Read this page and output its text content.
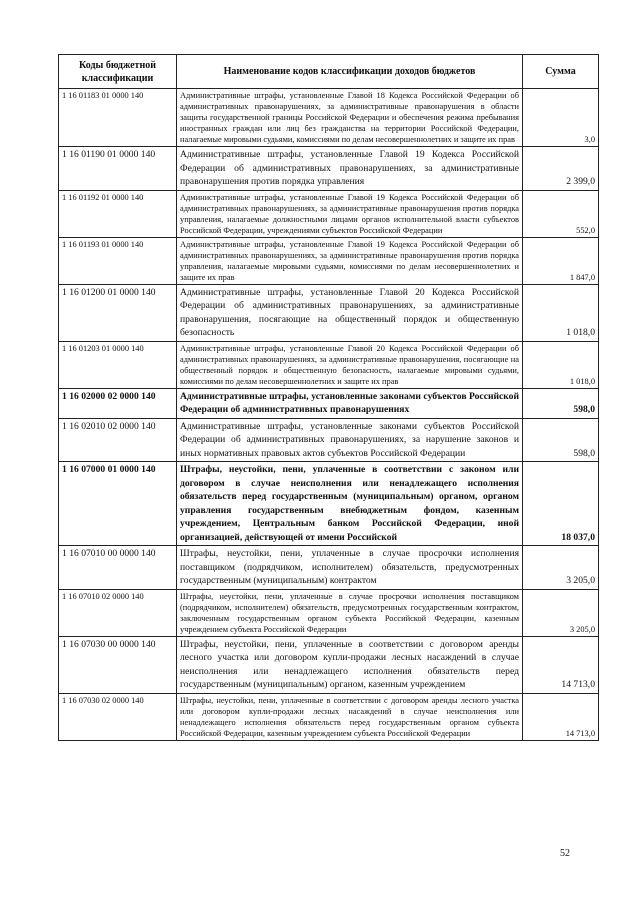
Коды бюджетной классификации	Наименование кодов классификации доходов бюджетов	Сумма
1 16 01183 01 0000 140	Административные штрафы, установленные Главой 18 Кодекса Российской Федерации об административных правонарушениях, за административные правонарушения в области защиты государственной границы Российской Федерации и обеспечения режима пребывания иностранных граждан или лиц без гражданства на территории Российской Федерации, налагаемые мировыми судьями, комиссиями по делам несовершеннолетних и защите их прав	3,0
1 16 01190 01 0000 140	Административные штрафы, установленные Главой 19 Кодекса Российской Федерации об административных правонарушениях, за административные правонарушения против порядка управления	2 399,0
1 16 01192 01 0000 140	Административные штрафы, установленные Главой 19 Кодекса Российской Федерации об административных правонарушениях, за административные правонарушения против порядка управления, налагаемые должностными лицами органов исполнительной власти субъектов Российской Федерации, учреждениями субъектов Российской Федерации	552,0
1 16 01193 01 0000 140	Административные штрафы, установленные Главой 19 Кодекса Российской Федерации об административных правонарушениях, за административные правонарушения против порядка управления, налагаемые мировыми судьями, комиссиями по делам несовершеннолетних и защите их прав	1 847,0
1 16 01200 01 0000 140	Административные штрафы, установленные Главой 20 Кодекса Российской Федерации об административных правонарушениях, за административные правонарушения, посягающие на общественный порядок и общественную безопасность	1 018,0
1 16 01203 01 0000 140	Административные штрафы, установленные Главой 20 Кодекса Российской Федерации об административных правонарушениях, за административные правонарушения, посягающие на общественный порядок и общественную безопасность, налагаемые мировыми судьями, комиссиями по делам несовершеннолетних и защите их прав	1 018,0
1 16 02000 02 0000 140	Административные штрафы, установленные законами субъектов Российской Федерации об административных правонарушениях	598,0
1 16 02010 02 0000 140	Административные штрафы, установленные законами субъектов Российской Федерации об административных правонарушениях, за нарушение законов и иных нормативных правовых актов субъектов Российской Федерации	598,0
1 16 07000 01 0000 140	Штрафы, неустойки, пени, уплаченные в соответствии с законом или договором в случае неисполнения или ненадлежащего исполнения обязательств перед государственным (муниципальным) органом, органом управления государственным внебюджетным фондом, казенным учреждением, Центральным банком Российской Федерации, иной организацией, действующей от имени Российской	18 037,0
1 16 07010 00 0000 140	Штрафы, неустойки, пени, уплаченные в случае просрочки исполнения поставщиком (подрядчиком, исполнителем) обязательств, предусмотренных государственным (муниципальным) контрактом	3 205,0
1 16 07010 02 0000 140	Штрафы, неустойки, пени, уплаченные в случае просрочки исполнения поставщиком (подрядчиком, исполнителем) обязательств, предусмотренных государственным контрактом, заключенным государственным органом субъекта Российской Федерации, казенным учреждением субъекта Российской Федерации	3 205,0
1 16 07030 00 0000 140	Штрафы, неустойки, пени, уплаченные в соответствии с договором аренды лесного участка или договором купли-продажи лесных насаждений в случае неисполнения или ненадлежащего исполнения обязательств перед государственным (муниципальным) органом, казенным учреждением	14 713,0
1 16 07030 02 0000 140	Штрафы, неустойки, пени, уплаченные в соответствии с договором аренды лесного участка или договором купли-продажи лесных насаждений в случае неисполнения или ненадлежащего исполнения обязательств перед государственным органом субъекта Российской Федерации, казенным учреждением субъекта Российской Федерации	14 713,0
52
